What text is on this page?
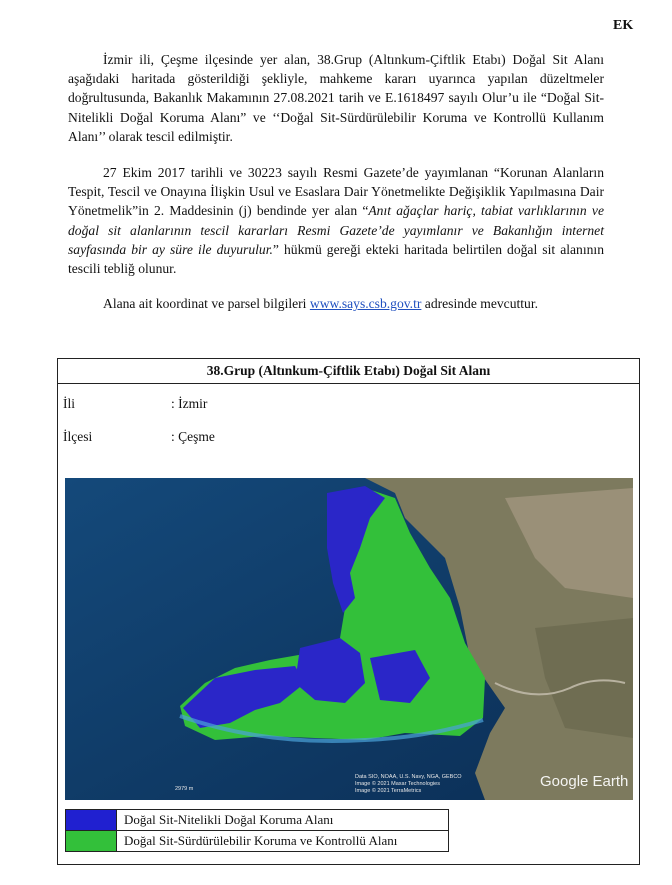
EK

İzmir ili, Çeşme ilçesinde yer alan, 38.Grup (Altınkum-Çiftlik Etabı) Doğal Sit Alanı aşağıdaki haritada gösterildiği şekliyle, mahkeme kararı uyarınca yapılan düzeltmeler doğrultusunda, Bakanlık Makamının 27.08.2021 tarih ve E.1618497 sayılı Olur’u ile “Doğal Sit-Nitelikli Doğal Koruma Alanı” ve ‘‘Doğal Sit-Sürdürülebilir Koruma ve Kontrollü Kullanım Alanı’’ olarak tescil edilmiştir.

27 Ekim 2017 tarihli ve 30223 sayılı Resmi Gazete’de yayımlanan “Korunan Alanların Tespit, Tescil ve Onayına İlişkin Usul ve Esaslara Dair Yönetmelikte Değişiklik Yapılmasına Dair Yönetmelik”in 2. Maddesinin (j) bendinde yer alan “Anıt ağaçlar hariç, tabiat varlıklarının ve doğal sit alanlarının tescil kararları Resmi Gazete’de yayımlanır ve Bakanlığın internet sayfasında bir ay süre ile duyurulur.” hükmü gereği ekteki haritada belirtilen doğal sit alanının tescili tebliğ olunur.

Alana ait koordinat ve parsel bilgileri www.says.csb.gov.tr adresinde mevcuttur.

38.Grup (Altınkum-Çiftlik Etabı) Doğal Sit Alanı
İli	: İzmir
İlçesi	: Çeşme
Data SIO, NOAA, U.S. Navy, NGA, GEBCO
Image © 2021 Maxar Technologies
Image © 2021 TerraMetrics
2979 m	Google Earth
Doğal Sit-Nitelikli Doğal Koruma Alanı
Doğal Sit-Sürdürülebilir Koruma ve Kontrollü Alanı
